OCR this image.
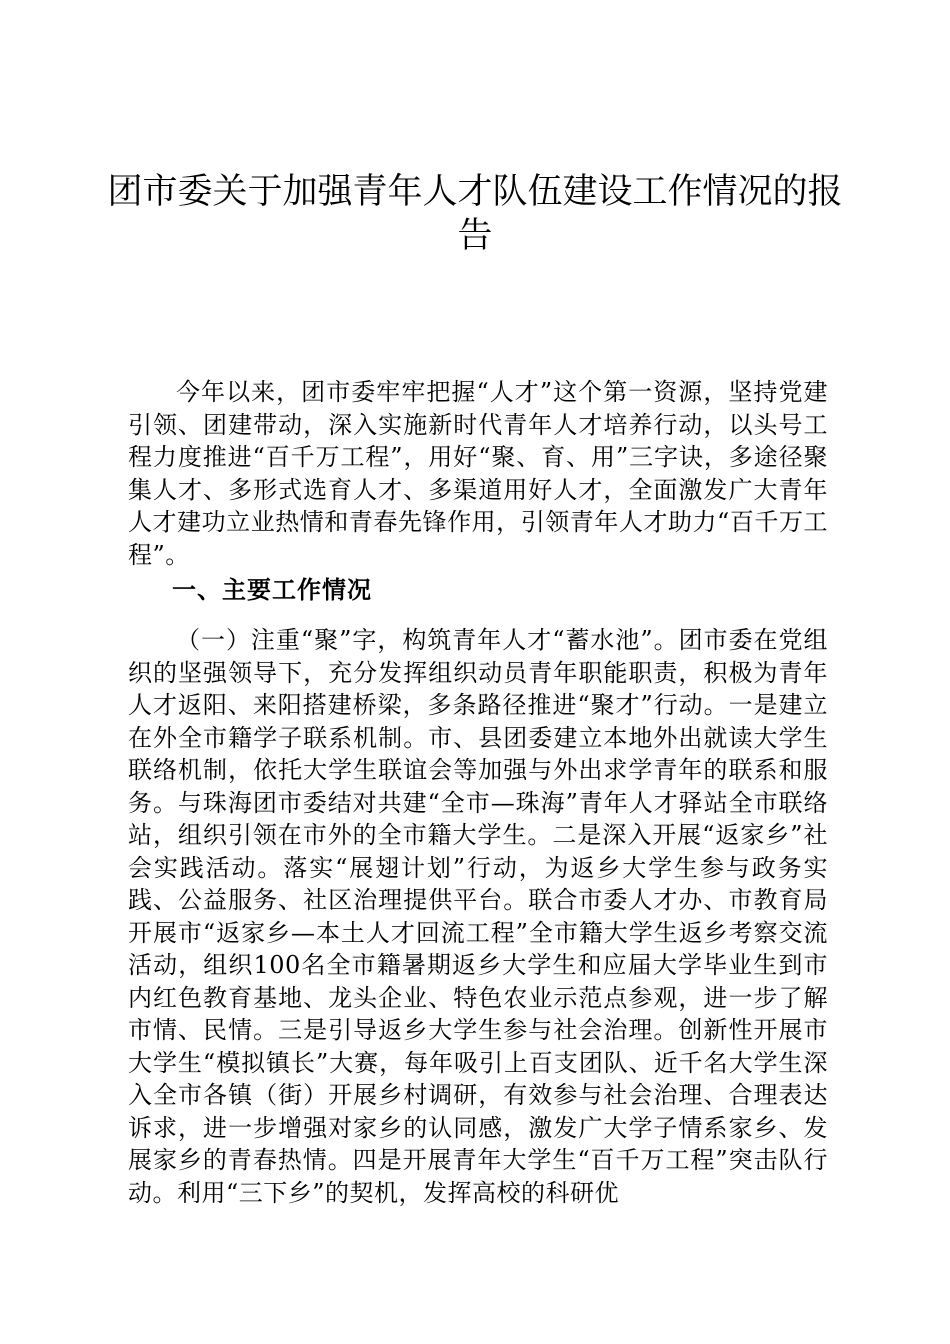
团市委关于加强青年人才队伍建设工作情况的报告

今年以来，团市委牢牢把握“人才”这个第一资源，坚持党建引领、团建带动，深入实施新时代青年人才培养行动，以头号工程力度推进“百千万工程”，用好“聚、育、用”三字诀，多途径聚集人才、多形式选育人才、多渠道用好人才，全面激发广大青年人才建功立业热情和青春先锋作用，引领青年人才助力“百千万工程”。

一、主要工作情况

（一）注重“聚”字，构筑青年人才“蓄水池”。团市委在党组织的坚强领导下，充分发挥组织动员青年职能职责，积极为青年人才返阳、来阳搭建桥梁，多条路径推进“聚才”行动。一是建立在外全市籍学子联系机制。市、县团委建立本地外出就读大学生联络机制，依托大学生联谊会等加强与外出求学青年的联系和服务。与珠海团市委结对共建“全市—珠海”青年人才驿站全市联络站，组织引领在市外的全市籍大学生。二是深入开展“返家乡”社会实践活动。落实“展翅计划”行动，为返乡大学生参与政务实践、公益服务、社区治理提供平台。联合市委人才办、市教育局开展市“返家乡—本土人才回流工程”全市籍大学生返乡考察交流活动，组织100名全市籍暑期返乡大学生和应届大学毕业生到市内红色教育基地、龙头企业、特色农业示范点参观，进一步了解市情、民情。三是引导返乡大学生参与社会治理。创新性开展市大学生“模拟镇长”大赛，每年吸引上百支团队、近千名大学生深入全市各镇（街）开展乡村调研，有效参与社会治理、合理表达诉求，进一步增强对家乡的认同感，激发广大学子情系家乡、发展家乡的青春热情。四是开展青年大学生“百千万工程”突击队行动。利用“三下乡”的契机，发挥高校的科研优
